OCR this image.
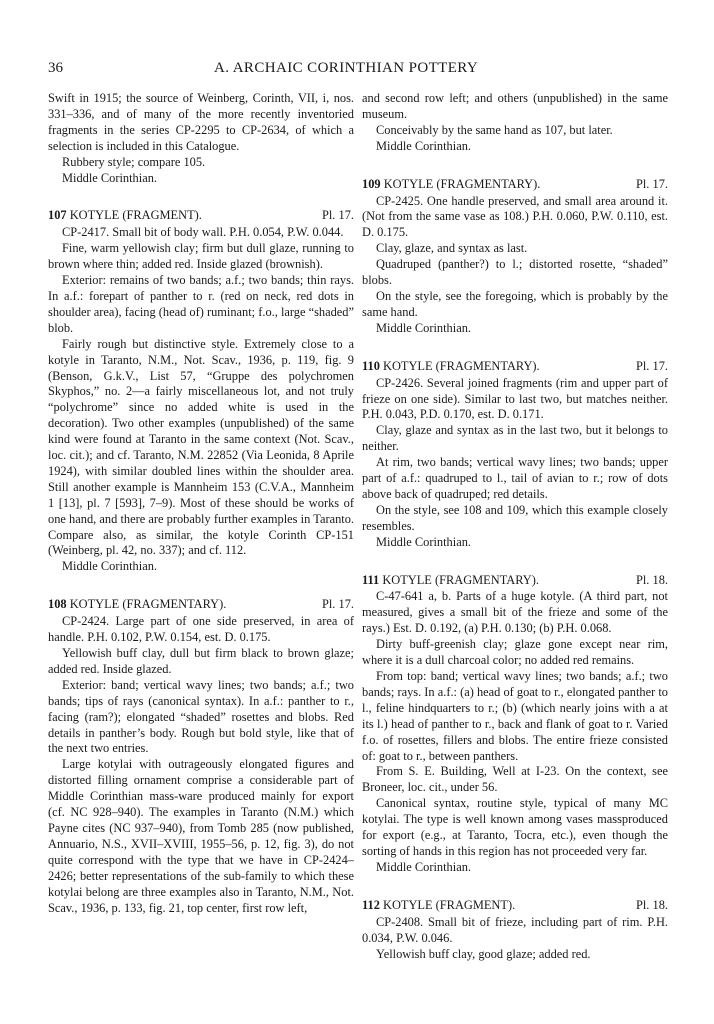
36	A. ARCHAIC CORINTHIAN POTTERY

Swift in 1915; the source of Weinberg, Corinth, VII, i, nos. 331–336, and of many of the more recently inventoried fragments in the series CP-2295 to CP-2634, of which a selection is included in this Catalogue.

Rubbery style; compare 105.

Middle Corinthian.

107 KOTYLE (FRAGMENT).	Pl. 17.

CP-2417. Small bit of body wall. P.H. 0.054, P.W. 0.044.

Fine, warm yellowish clay; firm but dull glaze, running to brown where thin; added red. Inside glazed (brownish).

Exterior: remains of two bands; a.f.; two bands; thin rays. In a.f.: forepart of panther to r. (red on neck, red dots in shoulder area), facing (head of) ruminant; f.o., large “shaded” blob.

Fairly rough but distinctive style. Extremely close to a kotyle in Taranto, N.M., Not. Scav., 1936, p. 119, fig. 9 (Benson, G.k.V., List 57, “Gruppe des polychromen Skyphos,” no. 2—a fairly miscellaneous lot, and not truly “polychrome” since no added white is used in the decoration). Two other examples (unpublished) of the same kind were found at Taranto in the same context (Not. Scav., loc. cit.); and cf. Taranto, N.M. 22852 (Via Leonida, 8 Aprile 1924), with similar doubled lines within the shoulder area. Still another example is Mannheim 153 (C.V.A., Mannheim 1 [13], pl. 7 [593], 7–9). Most of these should be works of one hand, and there are probably further examples in Taranto. Compare also, as similar, the kotyle Corinth CP-151 (Weinberg, pl. 42, no. 337); and cf. 112.

Middle Corinthian.

108 KOTYLE (FRAGMENTARY).	Pl. 17.

CP-2424. Large part of one side preserved, in area of handle. P.H. 0.102, P.W. 0.154, est. D. 0.175.

Yellowish buff clay, dull but firm black to brown glaze; added red. Inside glazed.

Exterior: band; vertical wavy lines; two bands; a.f.; two bands; tips of rays (canonical syntax). In a.f.: panther to r., facing (ram?); elongated “shaded” rosettes and blobs. Red details in panther’s body. Rough but bold style, like that of the next two entries.

Large kotylai with outrageously elongated figures and distorted filling ornament comprise a considerable part of Middle Corinthian mass-ware produced mainly for export (cf. NC 928–940). The examples in Taranto (N.M.) which Payne cites (NC 937–940), from Tomb 285 (now published, Annuario, N.S., XVII–XVIII, 1955–56, p. 12, fig. 3), do not quite correspond with the type that we have in CP-2424–2426; better representations of the sub-family to which these kotylai belong are three examples also in Taranto, N.M., Not. Scav., 1936, p. 133, fig. 21, top center, first row left,

and second row left; and others (unpublished) in the same museum.

Conceivably by the same hand as 107, but later.

Middle Corinthian.

109 KOTYLE (FRAGMENTARY).	Pl. 17.

CP-2425. One handle preserved, and small area around it. (Not from the same vase as 108.) P.H. 0.060, P.W. 0.110, est. D. 0.175.

Clay, glaze, and syntax as last.

Quadruped (panther?) to l.; distorted rosette, “shaded” blobs.

On the style, see the foregoing, which is probably by the same hand.

Middle Corinthian.

110 KOTYLE (FRAGMENTARY).	Pl. 17.

CP-2426. Several joined fragments (rim and upper part of frieze on one side). Similar to last two, but matches neither. P.H. 0.043, P.D. 0.170, est. D. 0.171.

Clay, glaze and syntax as in the last two, but it belongs to neither.

At rim, two bands; vertical wavy lines; two bands; upper part of a.f.: quadruped to l., tail of avian to r.; row of dots above back of quadruped; red details.

On the style, see 108 and 109, which this example closely resembles.

Middle Corinthian.

111 KOTYLE (FRAGMENTARY).	Pl. 18.

C-47-641 a, b. Parts of a huge kotyle. (A third part, not measured, gives a small bit of the frieze and some of the rays.) Est. D. 0.192, (a) P.H. 0.130; (b) P.H. 0.068.

Dirty buff-greenish clay; glaze gone except near rim, where it is a dull charcoal color; no added red remains.

From top: band; vertical wavy lines; two bands; a.f.; two bands; rays. In a.f.: (a) head of goat to r., elongated panther to l., feline hindquarters to r.; (b) (which nearly joins with a at its l.) head of panther to r., back and flank of goat to r. Varied f.o. of rosettes, fillers and blobs. The entire frieze consisted of: goat to r., between panthers.

From S. E. Building, Well at I-23. On the context, see Broneer, loc. cit., under 56.

Canonical syntax, routine style, typical of many MC kotylai. The type is well known among vases massproduced for export (e.g., at Taranto, Tocra, etc.), even though the sorting of hands in this region has not proceeded very far.

Middle Corinthian.

112 KOTYLE (FRAGMENT).	Pl. 18.

CP-2408. Small bit of frieze, including part of rim. P.H. 0.034, P.W. 0.046.

Yellowish buff clay, good glaze; added red.
